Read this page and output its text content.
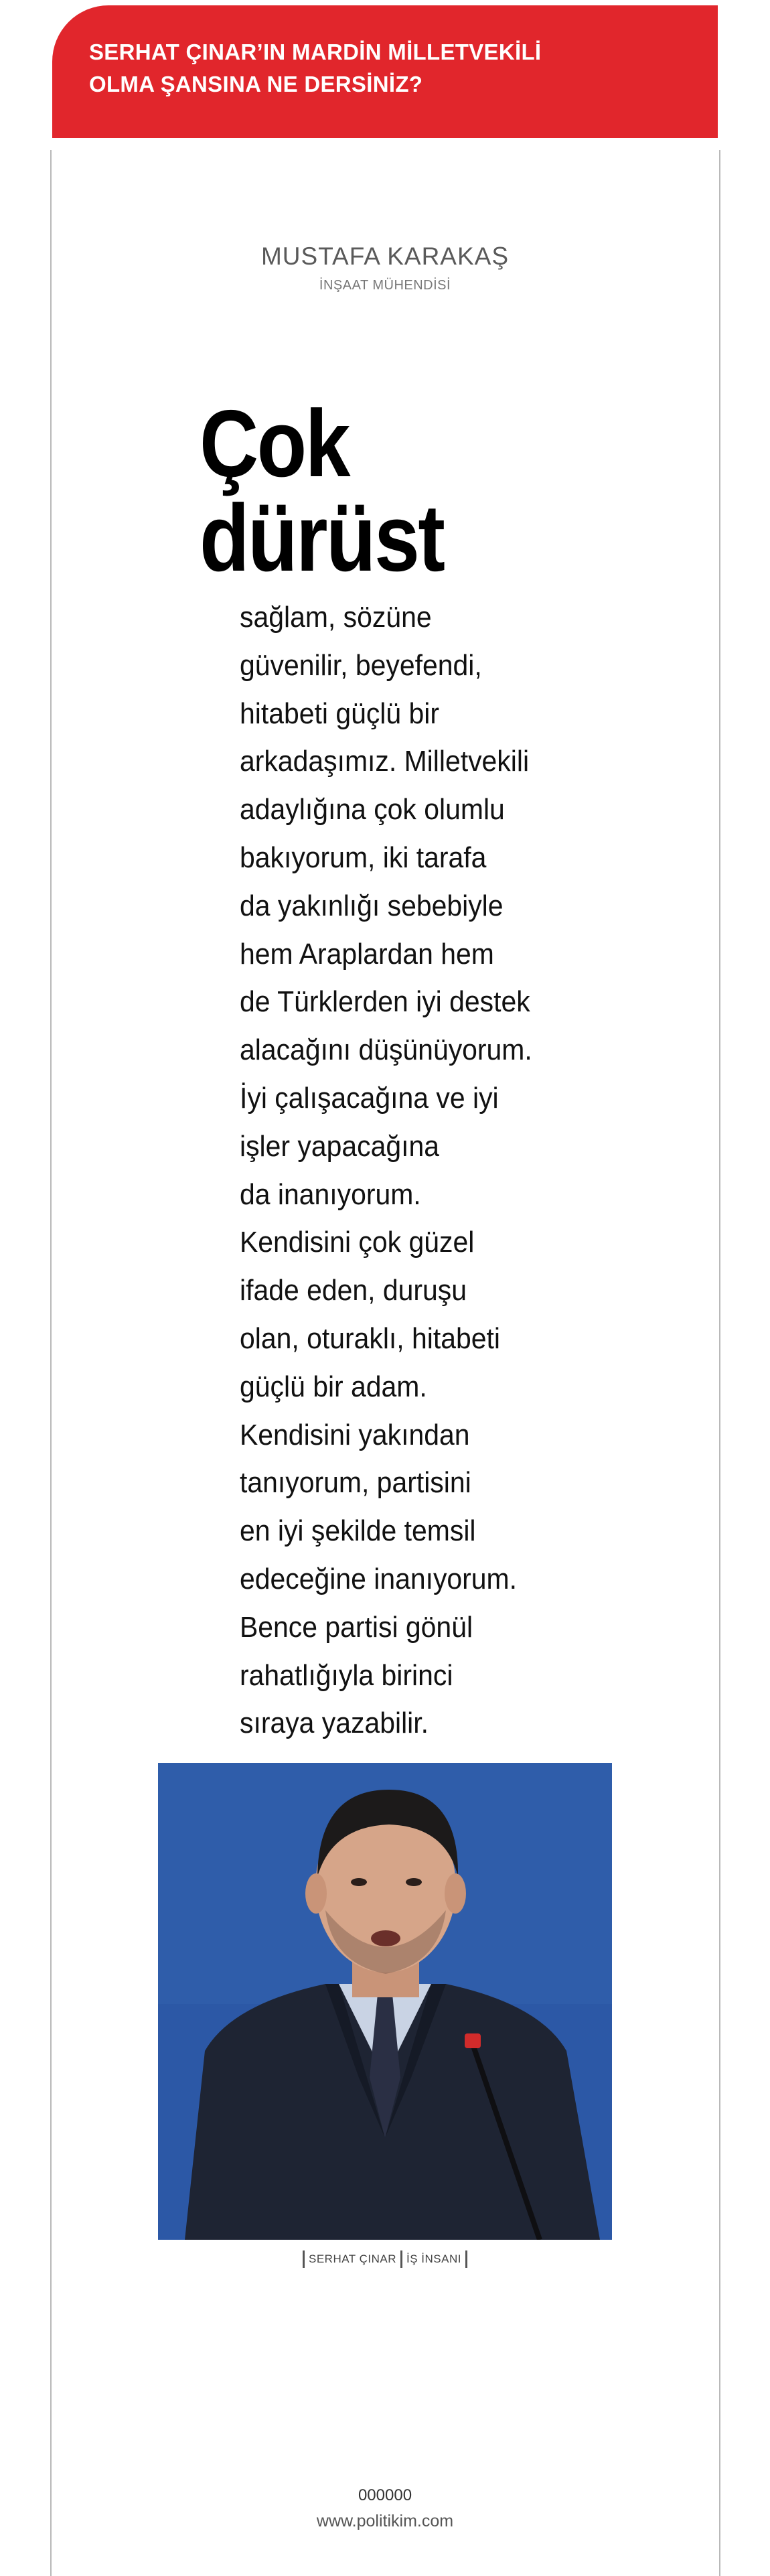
SERHAT ÇINAR’IN MARDİN MİLLETVEKİLİ
OLMA ŞANSINA NE DERSİNİZ?
MUSTAFA KARAKAŞ
İNŞAAT MÜHENDİSİ
Çok
dürüst
sağlam, sözüne
güvenilir, beyefendi,
hitabeti güçlü bir
arkadaşımız. Milletvekili
adaylığına çok olumlu
bakıyorum, iki tarafa
da yakınlığı sebebiyle
hem Araplardan hem
de Türklerden iyi destek
alacağını düşünüyorum.
İyi çalışacağına ve iyi
işler yapacağına
da inanıyorum.
Kendisini çok güzel
ifade eden, duruşu
olan, oturaklı, hitabeti
güçlü bir adam.
Kendisini yakından
tanıyorum, partisini
en iyi şekilde temsil
edeceğine inanıyorum.
Bence partisi gönül
rahatlığıyla birinci
sıraya yazabilir.
SERHAT ÇINAR İŞ İNSANI
000000
www.politikim.com
